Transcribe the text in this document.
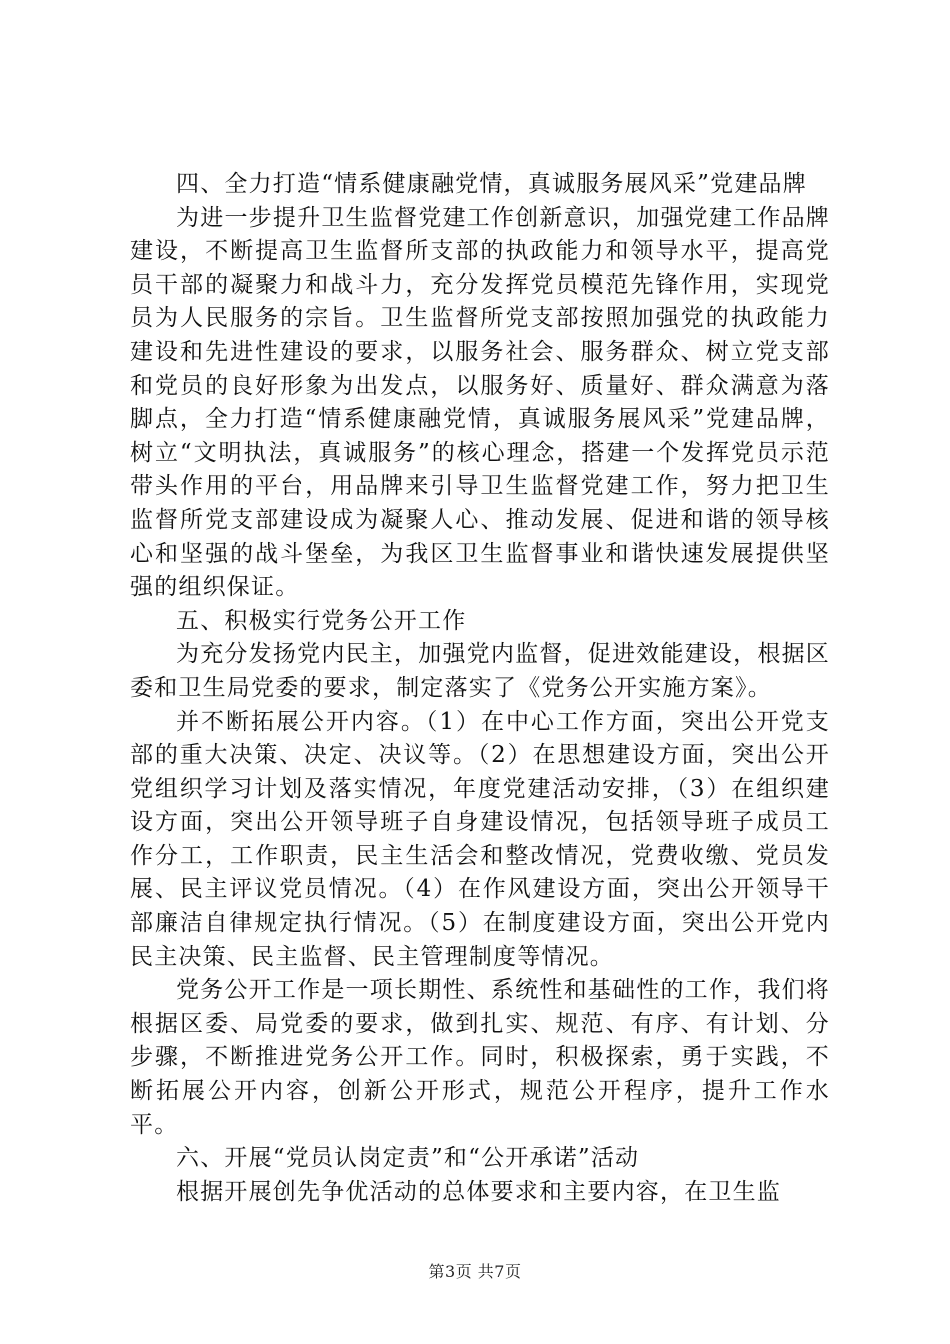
四、全力打造“情系健康融党情，真诚服务展风采”党建品牌

为进一步提升卫生监督党建工作创新意识，加强党建工作品牌建设，不断提高卫生监督所支部的执政能力和领导水平，提高党员干部的凝聚力和战斗力，充分发挥党员模范先锋作用，实现党员为人民服务的宗旨。卫生监督所党支部按照加强党的执政能力建设和先进性建设的要求，以服务社会、服务群众、树立党支部和党员的良好形象为出发点，以服务好、质量好、群众满意为落脚点，全力打造“情系健康融党情，真诚服务展风采”党建品牌，树立“文明执法，真诚服务”的核心理念，搭建一个发挥党员示范带头作用的平台，用品牌来引导卫生监督党建工作，努力把卫生监督所党支部建设成为凝聚人心、推动发展、促进和谐的领导核心和坚强的战斗堡垒，为我区卫生监督事业和谐快速发展提供坚强的组织保证。

五、积极实行党务公开工作

为充分发扬党内民主，加强党内监督，促进效能建设，根据区委和卫生局党委的要求，制定落实了《党务公开实施方案》。

并不断拓展公开内容。（1）在中心工作方面，突出公开党支部的重大决策、决定、决议等。（2）在思想建设方面，突出公开党组织学习计划及落实情况，年度党建活动安排，（3）在组织建设方面，突出公开领导班子自身建设情况，包括领导班子成员工作分工，工作职责，民主生活会和整改情况，党费收缴、党员发展、民主评议党员情况。（4）在作风建设方面，突出公开领导干部廉洁自律规定执行情况。（5）在制度建设方面，突出公开党内民主决策、民主监督、民主管理制度等情况。

党务公开工作是一项长期性、系统性和基础性的工作，我们将根据区委、局党委的要求，做到扎实、规范、有序、有计划、分步骤，不断推进党务公开工作。同时，积极探索，勇于实践，不断拓展公开内容，创新公开形式，规范公开程序，提升工作水平。

六、开展“党员认岗定责”和“公开承诺”活动

根据开展创先争优活动的总体要求和主要内容，在卫生监

第3页 共7页
